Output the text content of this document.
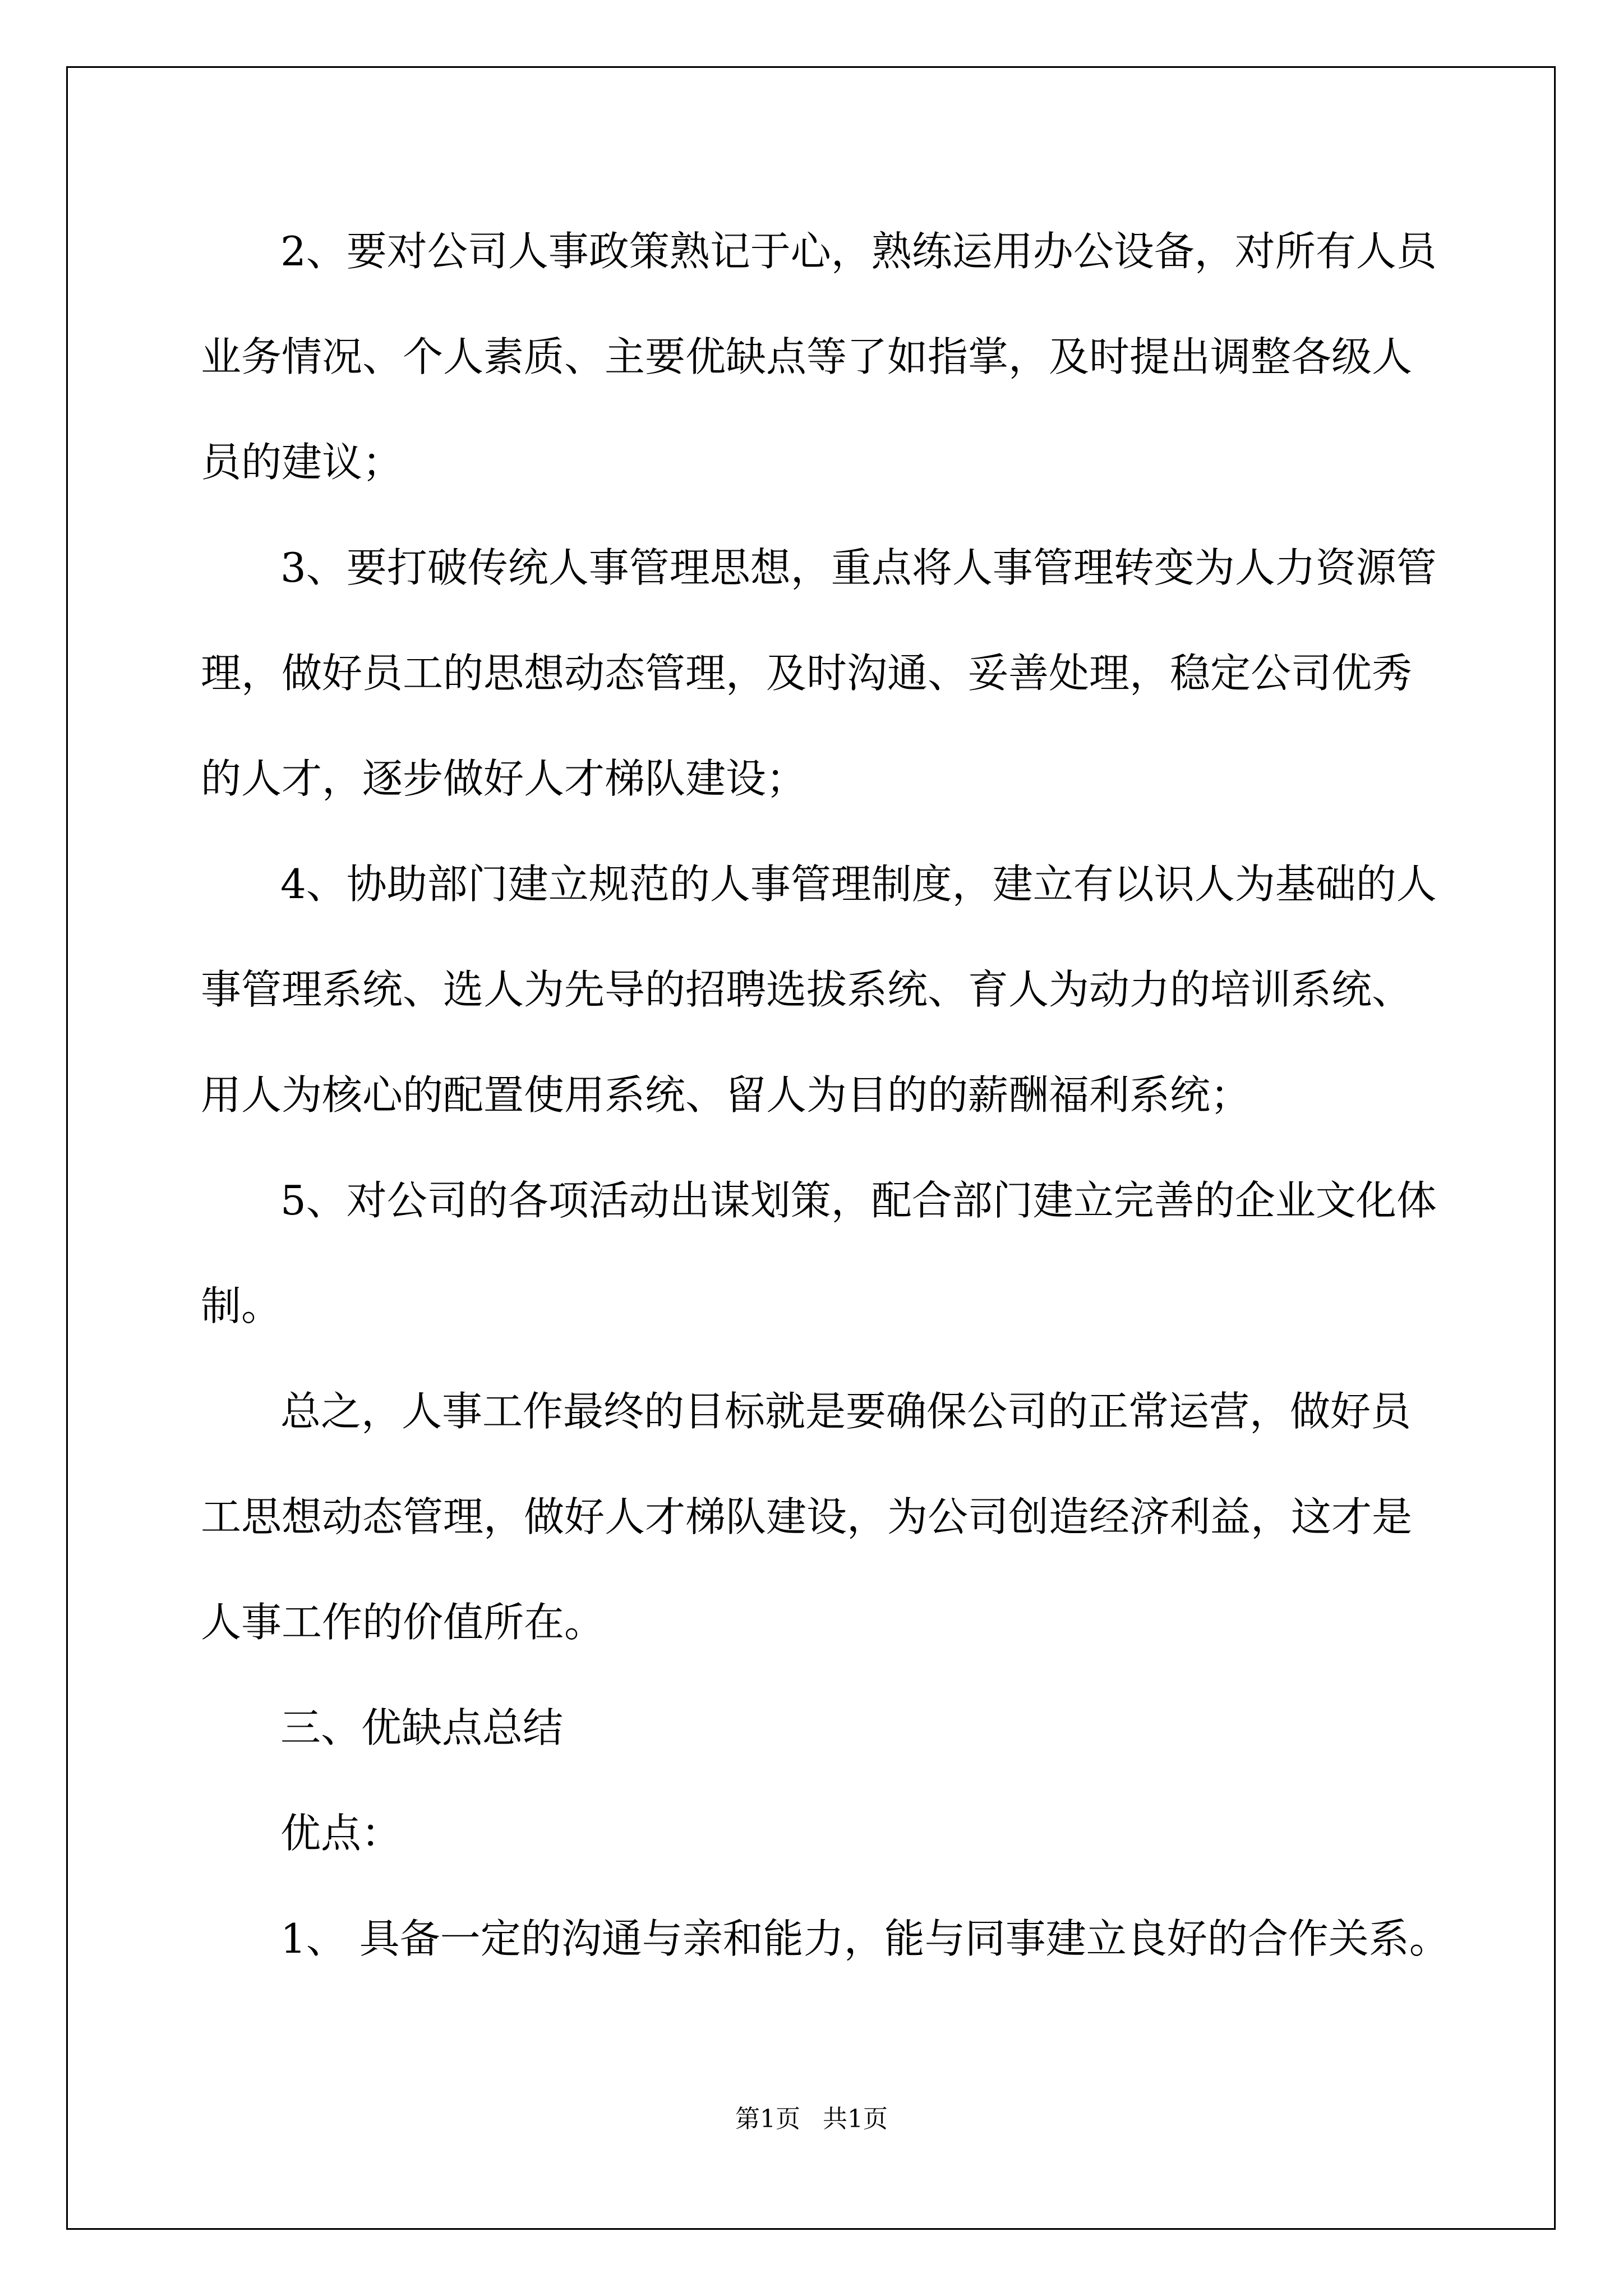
2、要对公司人事政策熟记于心，熟练运用办公设备，对所有人员

业务情况、个人素质、主要优缺点等了如指掌，及时提出调整各级人

员的建议；

3、要打破传统人事管理思想，重点将人事管理转变为人力资源管

理，做好员工的思想动态管理，及时沟通、妥善处理，稳定公司优秀

的人才，逐步做好人才梯队建设；

4、协助部门建立规范的人事管理制度，建立有以识人为基础的人

事管理系统、选人为先导的招聘选拔系统、育人为动力的培训系统、

用人为核心的配置使用系统、留人为目的的薪酬福利系统；

5、对公司的各项活动出谋划策，配合部门建立完善的企业文化体

制。

总之，人事工作最终的目标就是要确保公司的正常运营，做好员

工思想动态管理，做好人才梯队建设，为公司创造经济利益，这才是

人事工作的价值所在。

三、优缺点总结

优点：

1、 具备一定的沟通与亲和能力，能与同事建立良好的合作关系。

第1页 共1页
